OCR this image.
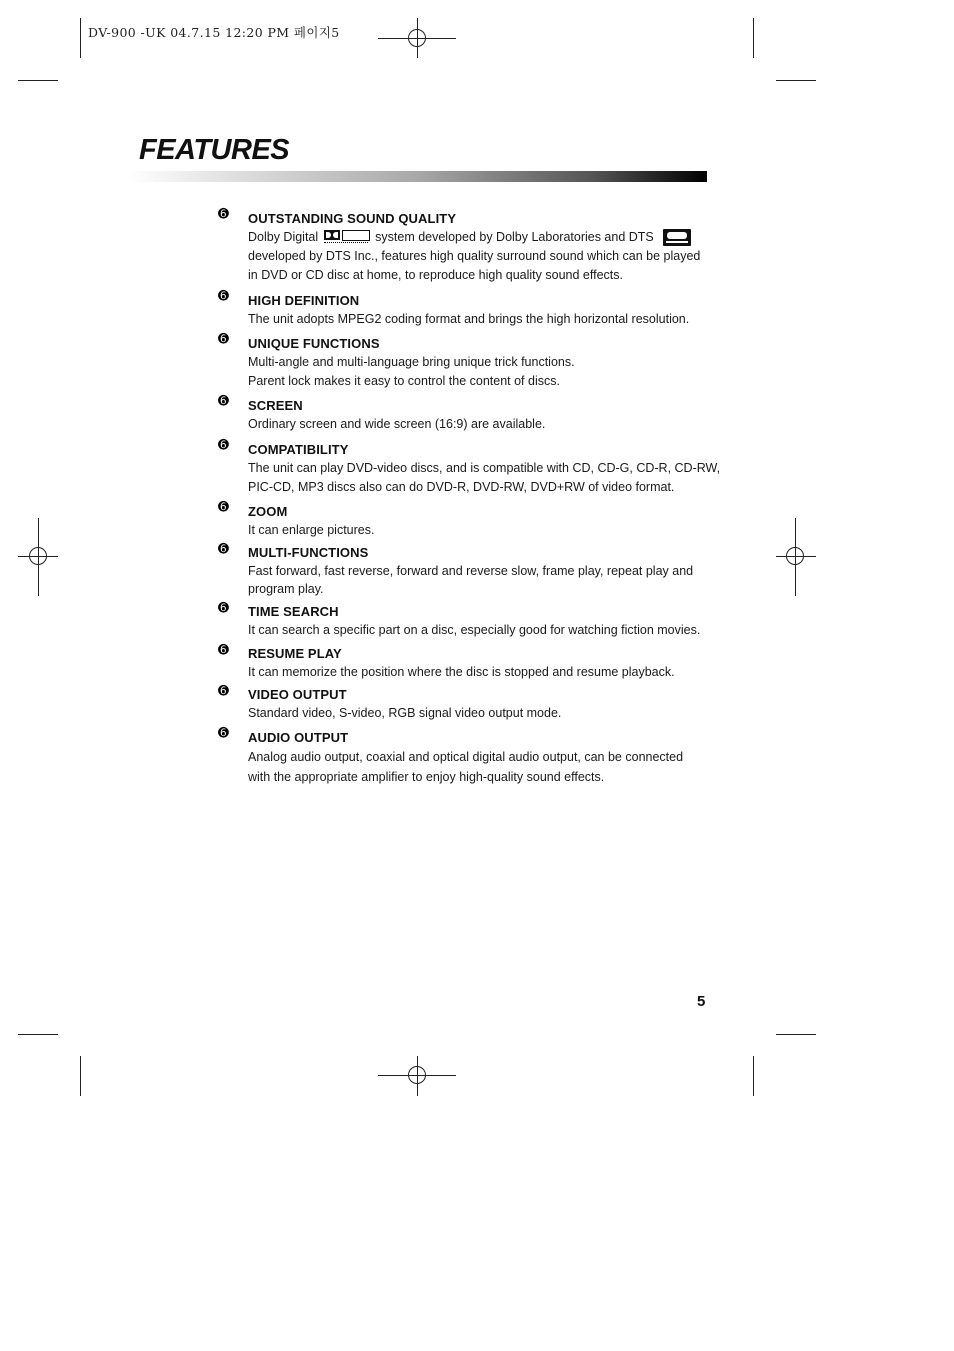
DV-900 -UK 04.7.15 12:20 PM 페이지5
FEATURES
➏ OUTSTANDING SOUND QUALITY
Dolby Digital	system developed by Dolby Laboratories and DTS
developed by DTS Inc., features high quality surround sound which can be played
in DVD or CD disc at home, to reproduce high quality sound effects.
➏ HIGH DEFINITION
The unit adopts MPEG2 coding format and brings the high horizontal resolution.
➏ UNIQUE FUNCTIONS
Multi-angle and multi-language bring unique trick functions.
Parent lock makes it easy to control the content of discs.
➏ SCREEN
Ordinary screen and wide screen (16:9) are available.
➏ COMPATIBILITY
The unit can play DVD-video discs, and is compatible with CD, CD-G, CD-R, CD-RW,
PIC-CD, MP3 discs also can do DVD-R, DVD-RW, DVD+RW of video format.
➏ ZOOM
It can enlarge pictures.
➏ MULTI-FUNCTIONS
Fast forward, fast reverse, forward and reverse slow, frame play, repeat play and
program play.
➏ TIME SEARCH
It can search a specific part on a disc, especially good for watching fiction movies.
➏ RESUME PLAY
It can memorize the position where the disc is stopped and resume playback.
➏ VIDEO OUTPUT
Standard video, S-video, RGB signal video output mode.
➏ AUDIO OUTPUT
Analog audio output, coaxial and optical digital audio output, can be connected
with the appropriate amplifier to enjoy high-quality sound effects.
5
